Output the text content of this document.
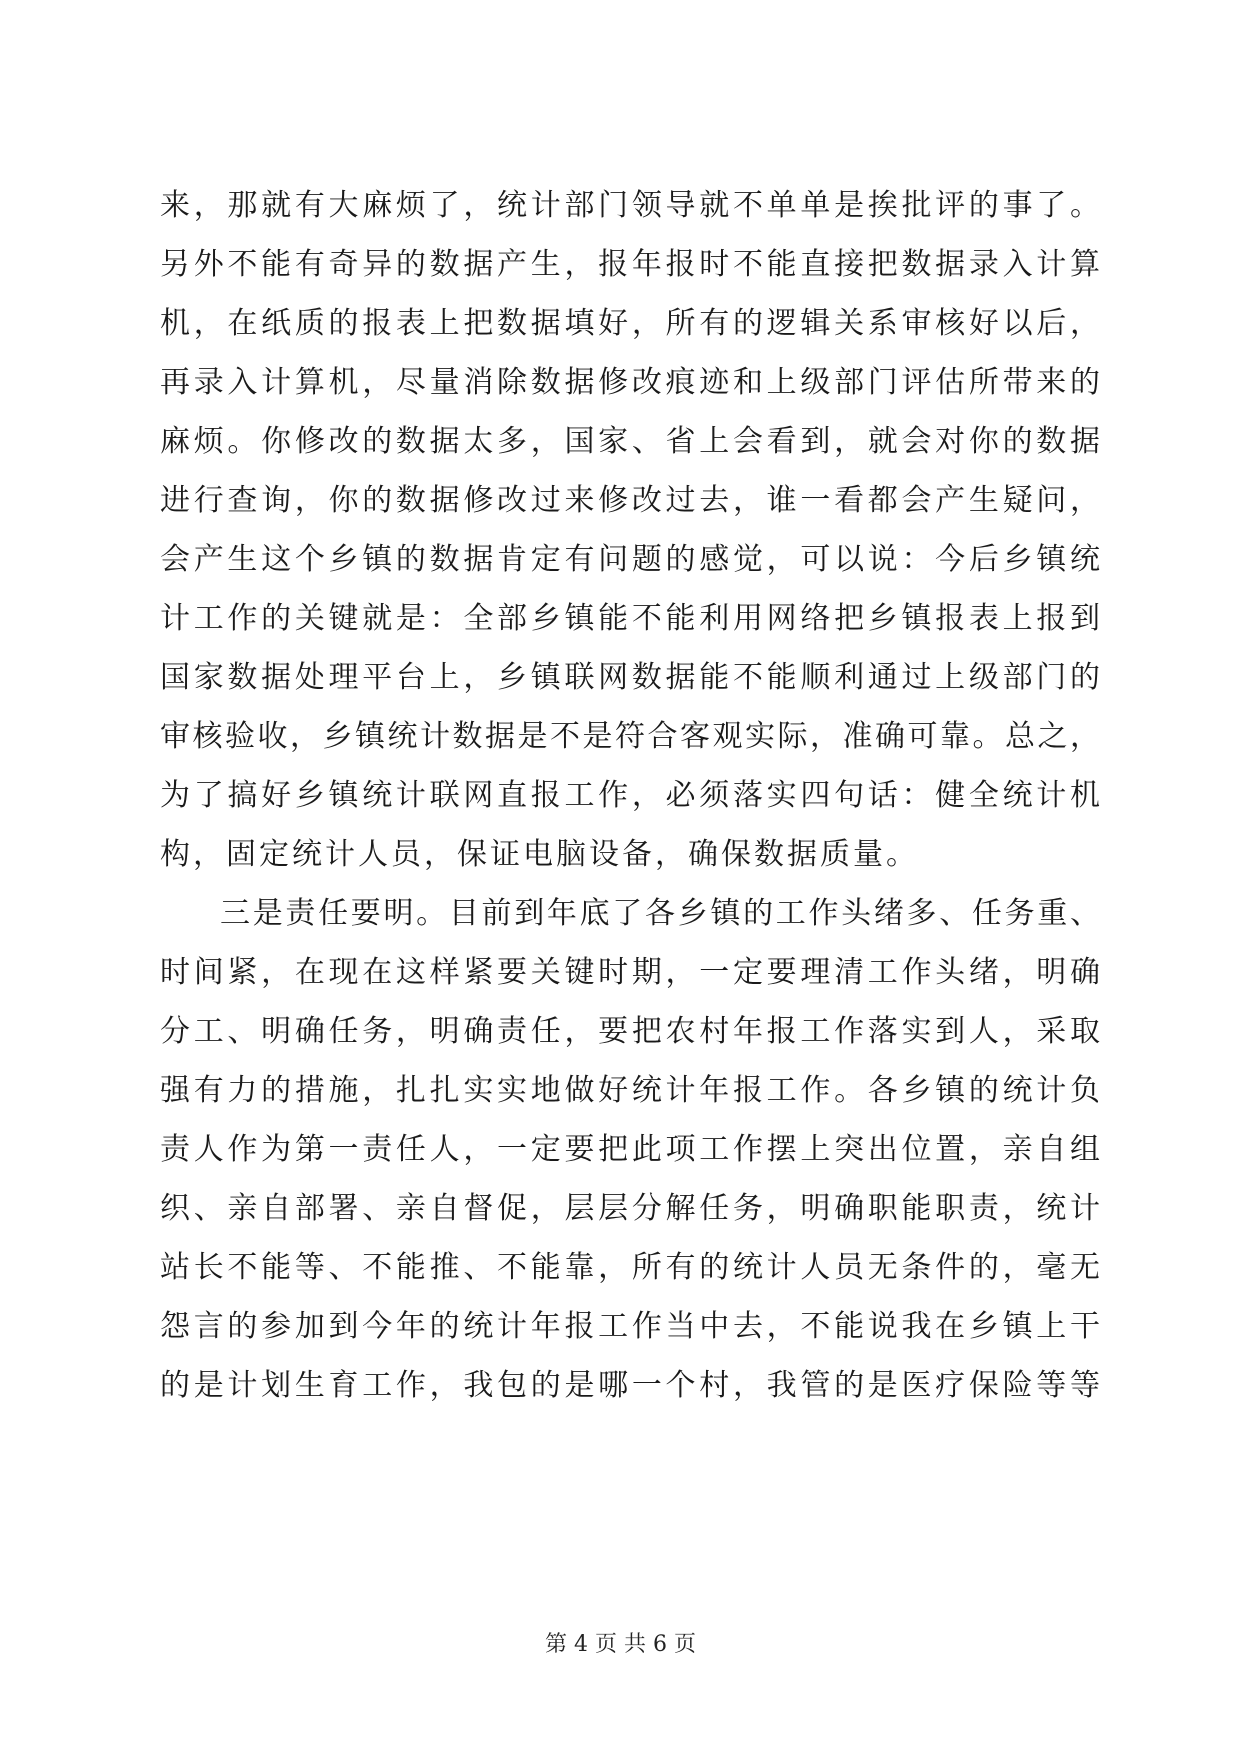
来，那就有大麻烦了，统计部门领导就不单单是挨批评的事了。
另外不能有奇异的数据产生，报年报时不能直接把数据录入计算
机，在纸质的报表上把数据填好，所有的逻辑关系审核好以后，
再录入计算机，尽量消除数据修改痕迹和上级部门评估所带来的
麻烦。你修改的数据太多，国家、省上会看到，就会对你的数据
进行查询，你的数据修改过来修改过去，谁一看都会产生疑问，
会产生这个乡镇的数据肯定有问题的感觉，可以说：今后乡镇统
计工作的关键就是：全部乡镇能不能利用网络把乡镇报表上报到
国家数据处理平台上，乡镇联网数据能不能顺利通过上级部门的
审核验收，乡镇统计数据是不是符合客观实际，准确可靠。总之，
为了搞好乡镇统计联网直报工作，必须落实四句话：健全统计机
构，固定统计人员，保证电脑设备，确保数据质量。
三是责任要明。目前到年底了各乡镇的工作头绪多、任务重、
时间紧，在现在这样紧要关键时期，一定要理清工作头绪，明确
分工、明确任务，明确责任，要把农村年报工作落实到人，采取
强有力的措施，扎扎实实地做好统计年报工作。各乡镇的统计负
责人作为第一责任人，一定要把此项工作摆上突出位置，亲自组
织、亲自部署、亲自督促，层层分解任务，明确职能职责，统计
站长不能等、不能推、不能靠，所有的统计人员无条件的，毫无
怨言的参加到今年的统计年报工作当中去，不能说我在乡镇上干
的是计划生育工作，我包的是哪一个村，我管的是医疗保险等等
第 4 页 共 6 页
